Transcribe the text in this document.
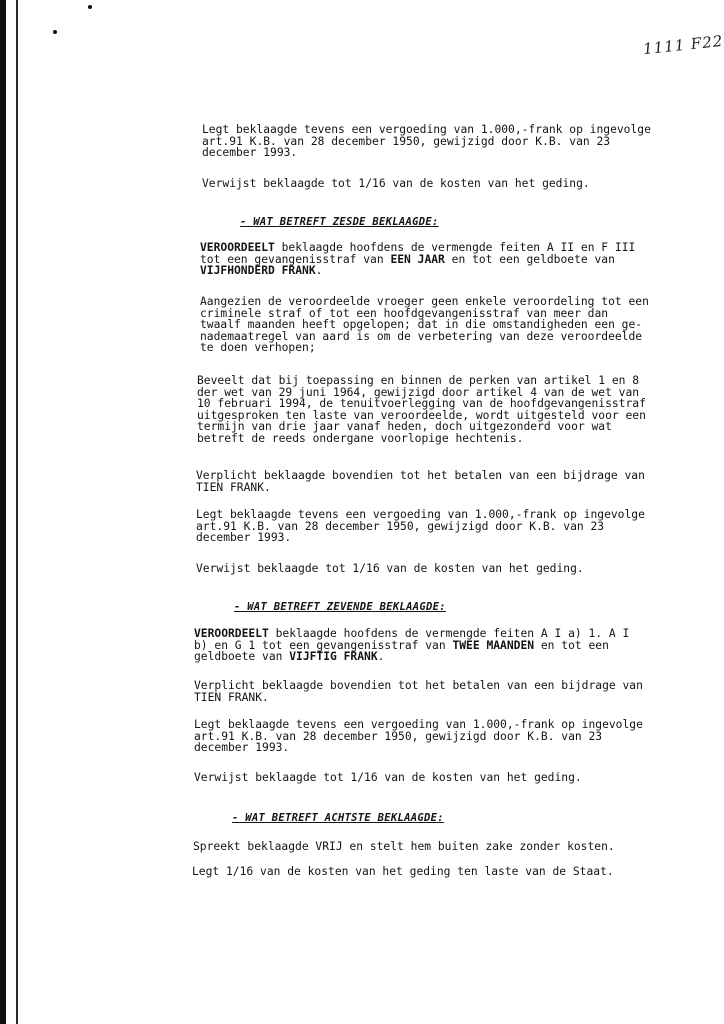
1111 F22

Legt beklaagde tevens een vergoeding van 1.000,-frank op ingevolge
art.91 K.B. van 28 december 1950, gewijzigd door K.B. van 23
december 1993.

Verwijst beklaagde tot 1/16 van de kosten van het geding.

- WAT BETREFT ZESDE BEKLAAGDE:

VEROORDEELT beklaagde hoofdens de vermengde feiten A II en F III
tot een gevangenisstraf van EEN JAAR en tot een geldboete van
VIJFHONDERD FRANK.

Aangezien de veroordeelde vroeger geen enkele veroordeling tot een
criminele straf of tot een hoofdgevangenisstraf van meer dan
twaalf maanden heeft opgelopen; dat in die omstandigheden een ge-
nademaatregel van aard is om de verbetering van deze veroordeelde
te doen verhopen;

Beveelt dat bij toepassing en binnen de perken van artikel 1 en 8
der wet van 29 juni 1964, gewijzigd door artikel 4 van de wet van
10 februari 1994, de tenuitvoerlegging van de hoofdgevangenisstraf
uitgesproken ten laste van veroordeelde, wordt uitgesteld voor een
termijn van drie jaar vanaf heden, doch uitgezonderd voor wat
betreft de reeds ondergane voorlopige hechtenis.

Verplicht beklaagde bovendien tot het betalen van een bijdrage van
TIEN FRANK.

Legt beklaagde tevens een vergoeding van 1.000,-frank op ingevolge
art.91 K.B. van 28 december 1950, gewijzigd door K.B. van 23
december 1993.

Verwijst beklaagde tot 1/16 van de kosten van het geding.

- WAT BETREFT ZEVENDE BEKLAAGDE:

VEROORDEELT beklaagde hoofdens de vermengde feiten A I a) 1. A I
b) en G 1 tot een gevangenisstraf van TWEE MAANDEN en tot een
geldboete van VIJFTIG FRANK.

Verplicht beklaagde bovendien tot het betalen van een bijdrage van
TIEN FRANK.

Legt beklaagde tevens een vergoeding van 1.000,-frank op ingevolge
art.91 K.B. van 28 december 1950, gewijzigd door K.B. van 23
december 1993.

Verwijst beklaagde tot 1/16 van de kosten van het geding.

- WAT BETREFT ACHTSTE BEKLAAGDE:

Spreekt beklaagde VRIJ en stelt hem buiten zake zonder kosten.

Legt 1/16 van de kosten van het geding ten laste van de Staat.
